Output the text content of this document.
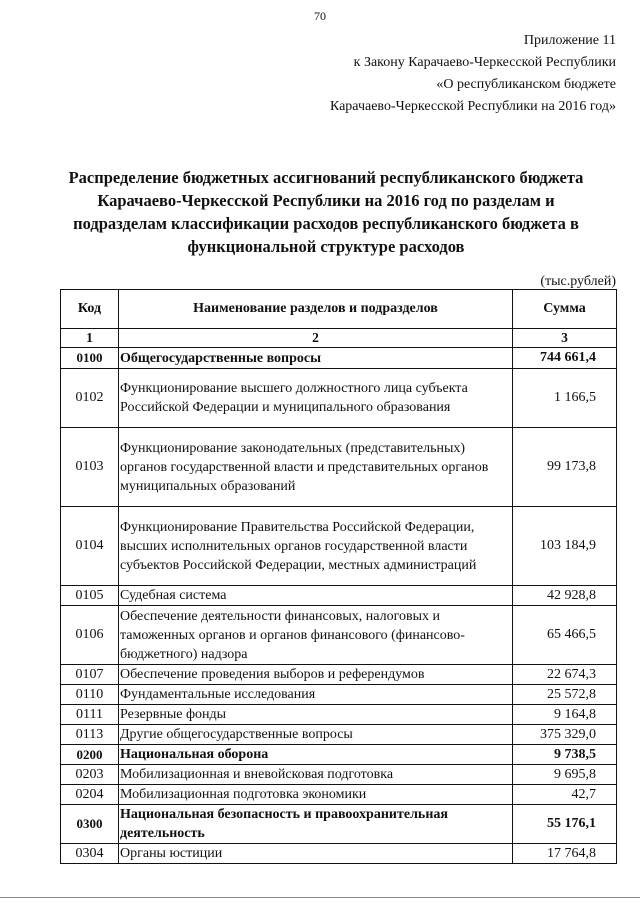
70
Приложение 11
к Закону Карачаево-Черкесской Республики
«О республиканском бюджете
Карачаево-Черкесской Республики на 2016 год»
Распределение бюджетных ассигнований республиканского бюджета
Карачаево-Черкесской Республики на 2016 год по разделам и
подразделам классификации расходов республиканского бюджета в
функциональной структуре расходов
(тыс.рублей)
Код	Наименование разделов и подразделов	Сумма
1	2	3
0100	Общегосударственные вопросы	744 661,4
0102	Функционирование высшего должностного лица субъекта Российской Федерации и муниципального образования	1 166,5
0103	Функционирование законодательных (представительных) органов государственной власти и представительных органов муниципальных образований	99 173,8
0104	Функционирование Правительства Российской Федерации, высших исполнительных органов государственной власти субъектов Российской Федерации, местных администраций	103 184,9
0105	Судебная система	42 928,8
0106	Обеспечение деятельности финансовых, налоговых и таможенных органов и органов финансового (финансово-бюджетного) надзора	65 466,5
0107	Обеспечение проведения выборов и референдумов	22 674,3
0110	Фундаментальные исследования	25 572,8
0111	Резервные фонды	9 164,8
0113	Другие общегосударственные вопросы	375 329,0
0200	Национальная оборона	9 738,5
0203	Мобилизационная и вневойсковая подготовка	9 695,8
0204	Мобилизационная подготовка экономики	42,7
0300	Национальная безопасность и правоохранительная деятельность	55 176,1
0304	Органы юстиции	17 764,8
